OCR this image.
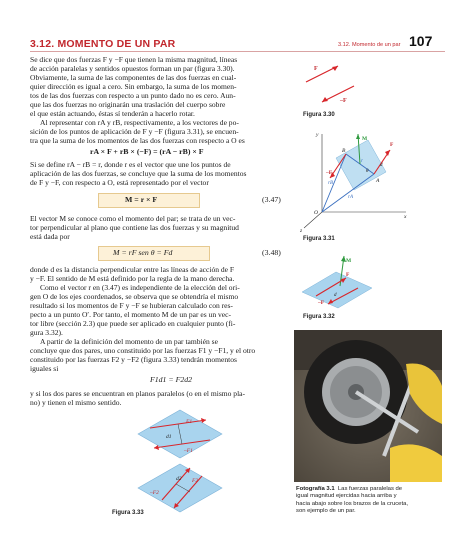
3.12. MOMENTO DE UN PAR	3.12. Momento de un par 107
Se dice que dos fuerzas F y −F que tienen la misma magnitud, líneas
de acción paralelas y sentidos opuestos forman un par (figura 3.30).
Obviamente, la suma de las componentes de las dos fuerzas en cual-
quier dirección es igual a cero. Sin embargo, la suma de los momen-
tos de las dos fuerzas con respecto a un punto dado no es cero. Aun-
que las dos fuerzas no originarán una traslación del cuerpo sobre
el que están actuando, éstas sí tenderán a hacerlo rotar.
Al representar con rA y rB, respectivamente, a los vectores de po-
sición de los puntos de aplicación de F y −F (figura 3.31), se encuen-
tra que la suma de los momentos de las dos fuerzas con respecto a O es
rA × F + rB × (−F) = (rA − rB) × F
Si se define rA − rB = r, donde r es el vector que une los puntos de
aplicación de las dos fuerzas, se concluye que la suma de los momentos
de F y −F, con respecto a O, está representado por el vector
M = r × F	(3.47)
El vector M se conoce como el momento del par; se trata de un vec-
tor perpendicular al plano que contiene las dos fuerzas y su magnitud
está dada por
M = rF sen θ = Fd	(3.48)
donde d es la distancia perpendicular entre las líneas de acción de F
y −F. El sentido de M está definido por la regla de la mano derecha.
Como el vector r en (3.47) es independiente de la elección del ori-
gen O de los ejes coordenados, se observa que se obtendría el mismo
resultado si los momentos de F y −F se hubieran calculado con res-
pecto a un punto O′. Por tanto, el momento M de un par es un vec-
tor libre (sección 2.3) que puede ser aplicado en cualquier punto (fi-
gura 3.32).
A partir de la definición del momento de un par también se
concluye que dos pares, uno constituido por las fuerzas F1 y −F1, y el otro
constituido por las fuerzas F2 y −F2 (figura 3.33) tendrán momentos
iguales si
F1d1 = F2d2
y si los dos pares se encuentran en planos paralelos (o en el mismo pla-
no) y tienen el mismo sentido.
F1
d1
–F1
d2 F2
–F2
Figura 3.33
F
–F
Figura 3.30
y
x
z
O
rB
rA
r
F
–F
M
B
A
θ
d
Figura 3.31
M
F
–F
d
Figura 3.32
Fotografía 3.1 Las fuerzas paralelas de
igual magnitud ejercidas hacia arriba y
hacia abajo sobre los brazos de la cruceta,
son ejemplo de un par.
